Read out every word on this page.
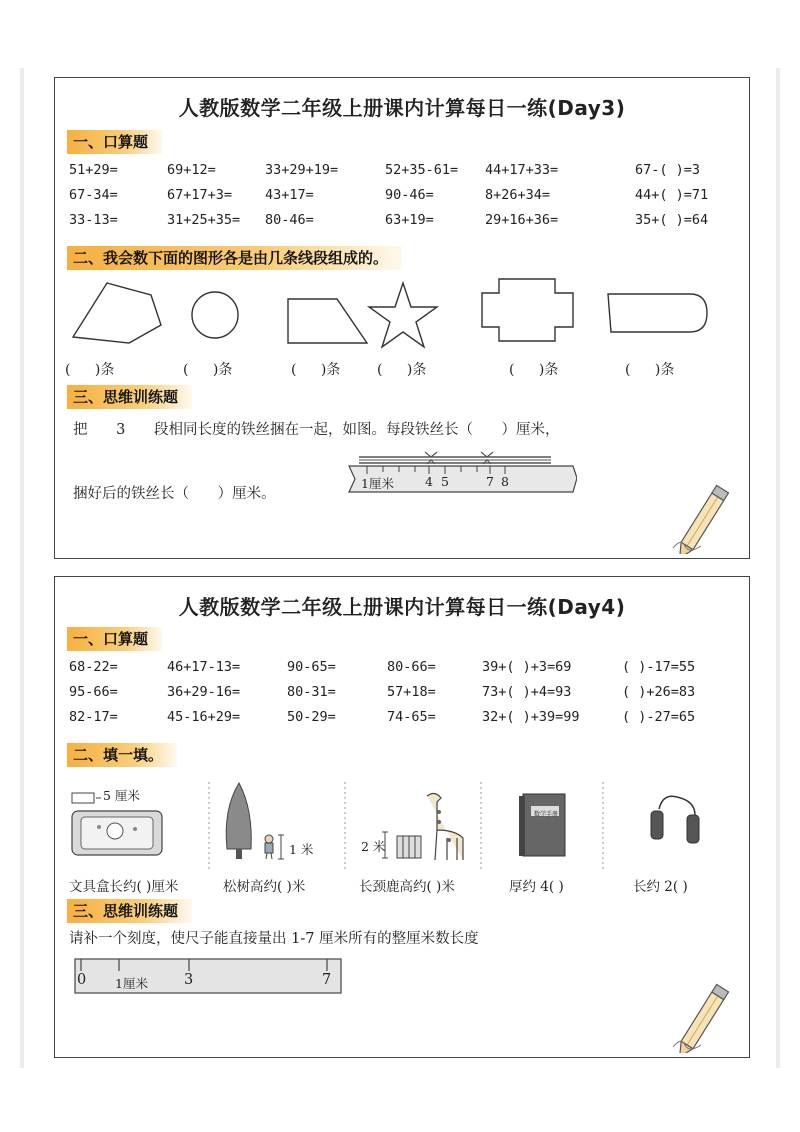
人教版数学二年级上册课内计算每日一练(Day3)
一、口算题
51+29=	69+12=	33+29+19=	52+35-61=	44+17+33=	67-( )=3
67-34=	67+17+3=	43+17=	90-46=	8+26+34=	44+( )=71
33-13=	31+25+35=	80-46=	63+19=	29+16+36=	35+( )=64
二、我会数下面的图形各是由几条线段组成的。
( )条	( )条	( )条	( )条	( )条	( )条
三、思维训练题
把 3 段相同长度的铁丝捆在一起，如图。每段铁丝长（ ）厘米，
捆好后的铁丝长（ ）厘米。
1厘米 4 5	7 8
人教版数学二年级上册课内计算每日一练(Day4)
一、口算题
68-22=	46+17-13=	90-65=	80-66=	39+( )+3=69	( )-17=55
95-66=	36+29-16=	80-31=	57+18=	73+( )+4=93	( )+26=83
82-17=	45-16+29=	50-29=	74-65=	32+( )+39=99	( )-27=65
二、填一填。
5 厘米
1 米	2 米
数学手册
文具盒长约( )厘米	松树高约( )米	长颈鹿高约( )米	厚约 4( )	长约 2( )
三、思维训练题
请补一个刻度，使尺子能直接量出 1-7 厘米所有的整厘米数长度
0 1厘米 3	7
